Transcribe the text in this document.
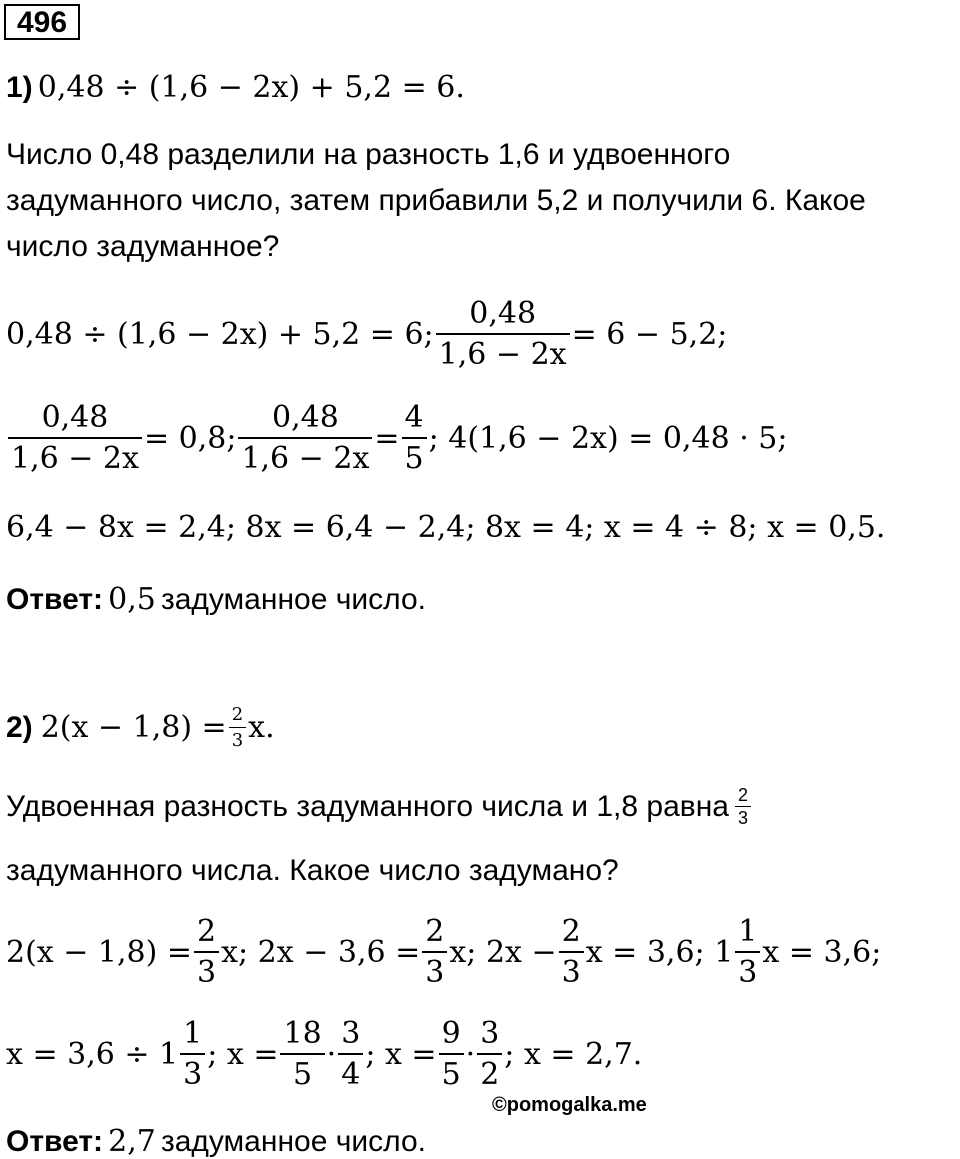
496
1) 0,48 ÷ (1,6 − 2x) + 5,2 = 6.
Число 0,48 разделили на разность 1,6 и удвоенного
задуманного число, затем прибавили 5,2 и получили 6. Какое
число задуманное?
0,48 ÷ (1,6 − 2x) + 5,2 = 6; $\frac{0,48}{1,6 - 2x} = 6 - 5,2$;
$\frac{0,48}{1,6 - 2x} = 0,8$; $\frac{0,48}{1,6 - 2x} = \frac{4}{5}$ ; 4(1,6 − 2x) = 0,48 · 5;
6,4 − 8x = 2,4; 8x = 6,4 − 2,4; 8x = 4; x = 4 ÷ 8; x = 0,5.
Ответ: 0,5 задуманное число.
2) $2(x - 1,8) = \frac{2}{3} x$.
Удвоенная разность задуманного числа и 1,8 равна $\frac{2}{3}$
задуманного числа. Какое число задумано?
$2(x - 1,8) = \frac{2}{3} x$; $2x - 3,6 = \frac{2}{3} x$; $2x - \frac{2}{3}$ x = 3,6; $1 \frac{1}{3}$ x = 3,6;
$x = 3,6 \div 1 \frac{1}{3}$ ; $x = \frac{18}{5} \cdot \frac{3}{4}$ ; $x = \frac{9}{5} \cdot \frac{3}{2}$ ; x = 2,7.
©pomogalka.me
Ответ: 2,7 задуманное число.
